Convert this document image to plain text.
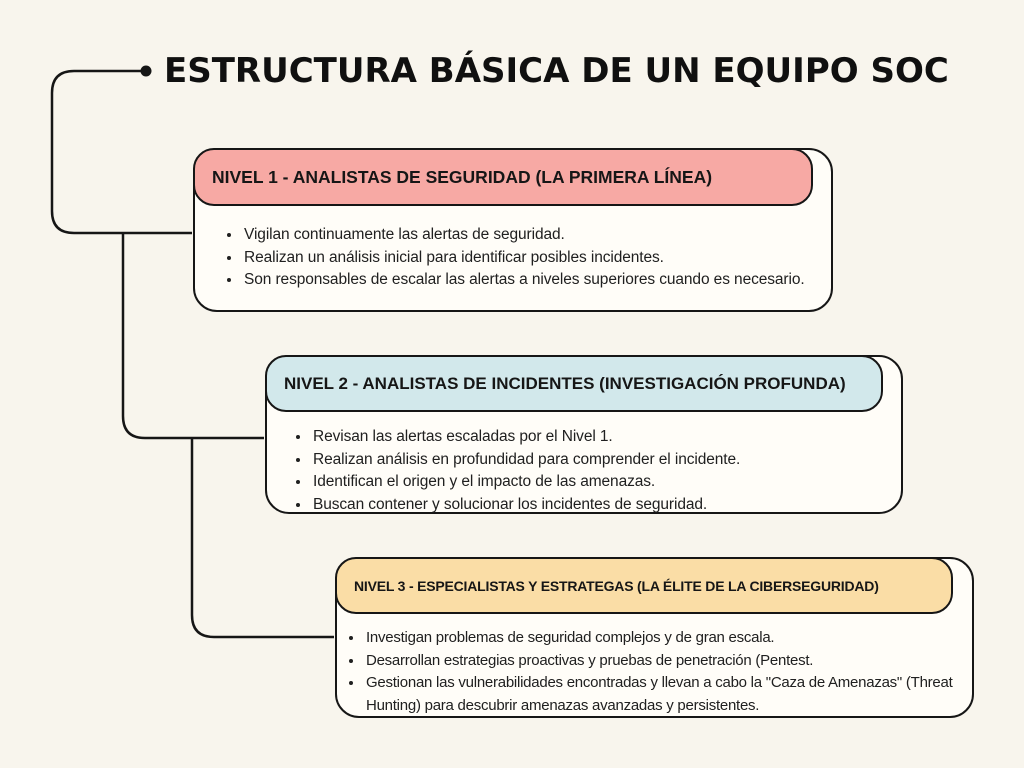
ESTRUCTURA BÁSICA DE UN EQUIPO SOC
NIVEL 1 - ANALISTAS DE SEGURIDAD (LA PRIMERA LÍNEA)
• Vigilan continuamente las alertas de seguridad.
• Realizan un análisis inicial para identificar posibles incidentes.
• Son responsables de escalar las alertas a niveles superiores cuando es necesario.
NIVEL 2 - ANALISTAS DE INCIDENTES (INVESTIGACIÓN PROFUNDA)
• Revisan las alertas escaladas por el Nivel 1.
• Realizan análisis en profundidad para comprender el incidente.
• Identifican el origen y el impacto de las amenazas.
• Buscan contener y solucionar los incidentes de seguridad.
NIVEL 3 - ESPECIALISTAS Y ESTRATEGAS (LA ÉLITE DE LA CIBERSEGURIDAD)
• Investigan problemas de seguridad complejos y de gran escala.
• Desarrollan estrategias proactivas y pruebas de penetración (Pentest.
• Gestionan las vulnerabilidades encontradas y llevan a cabo la "Caza de Amenazas" (Threat Hunting) para descubrir amenazas avanzadas y persistentes.
